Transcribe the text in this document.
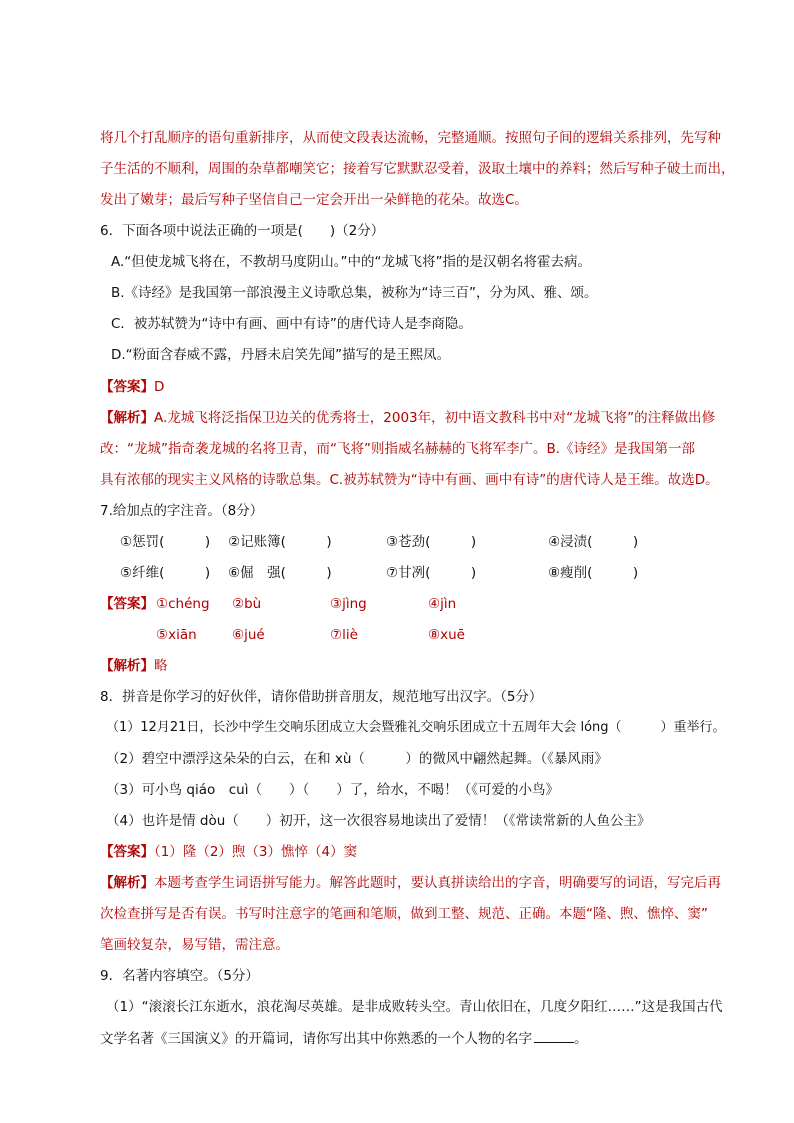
将几个打乱顺序的语句重新排序，从而使文段表达流畅，完整通顺。按照句子间的逻辑关系排列，先写种
子生活的不顺利，周围的杂草都嘲笑它；接着写它默默忍受着，汲取土壤中的养料；然后写种子破土而出，
发出了嫩芽；最后写种子坚信自己一定会开出一朵鲜艳的花朵。故选C。
6．下面各项中说法正确的一项是(　　)（2分）
A.“但使龙城飞将在，不教胡马度阴山。”中的“龙城飞将”指的是汉朝名将霍去病。
B.《诗经》是我国第一部浪漫主义诗歌总集，被称为“诗三百”，分为风、雅、颂。
C．被苏轼赞为“诗中有画、画中有诗”的唐代诗人是李商隐。
D.“粉面含春威不露，丹唇未启笑先闻”描写的是王熙凤。
【答案】D
【解析】A.龙城飞将泛指保卫边关的优秀将士，2003年，初中语文教科书中对“龙城飞将”的注释做出修
改：“龙城”指奇袭龙城的名将卫青，而“飞将”则指威名赫赫的飞将军李广。B.《诗经》是我国第一部
具有浓郁的现实主义风格的诗歌总集。C.被苏轼赞为“诗中有画、画中有诗”的唐代诗人是王维。故选D。
7.给加点的字注音。（8分）
①惩罚(　　　) ②记账簿(　　　)	③苍劲(　　　)	④浸渍(　　　)
⑤纤维(　　　) ⑥倔　强(　　　)	⑦甘冽(　　　)	⑧瘦削(　　　)
【答案】 ①chéng ②bù	③jìng	④jìn
⑤xiān	⑥jué	⑦liè	⑧xuē
【解析】略
8．拼音是你学习的好伙伴，请你借助拼音朋友，规范地写出汉字。（5分）
（1）12月21日，长沙中学生交响乐团成立大会暨雅礼交响乐团成立十五周年大会 lóng（　　　）重举行。
（2）碧空中漂浮这朵朵的白云，在和 xù（　　　）的微风中翩然起舞。（《暴风雨》
（3）可小鸟 qiáo　cuì（　　）（　　）了，给水，不喝！（《可爱的小鸟》
（4）也许是情 dòu（　　）初开，这一次很容易地读出了爱情！（《常读常新的人鱼公主》
【答案】（1）隆（2）煦（3）憔悴（4）窦
【解析】本题考查学生词语拼写能力。解答此题时，要认真拼读给出的字音，明确要写的词语，写完后再
次检查拼写是否有误。书写时注意字的笔画和笔顺，做到工整、规范、正确。本题“隆、煦、憔悴、窦”
笔画较复杂，易写错，需注意。
9．名著内容填空。（5分）
（1）“滚滚长江东逝水，浪花淘尽英雄。是非成败转头空。青山依旧在，几度夕阳红……”这是我国古代
文学名著《三国演义》的开篇词，请你写出其中你熟悉的一个人物的名字	。
